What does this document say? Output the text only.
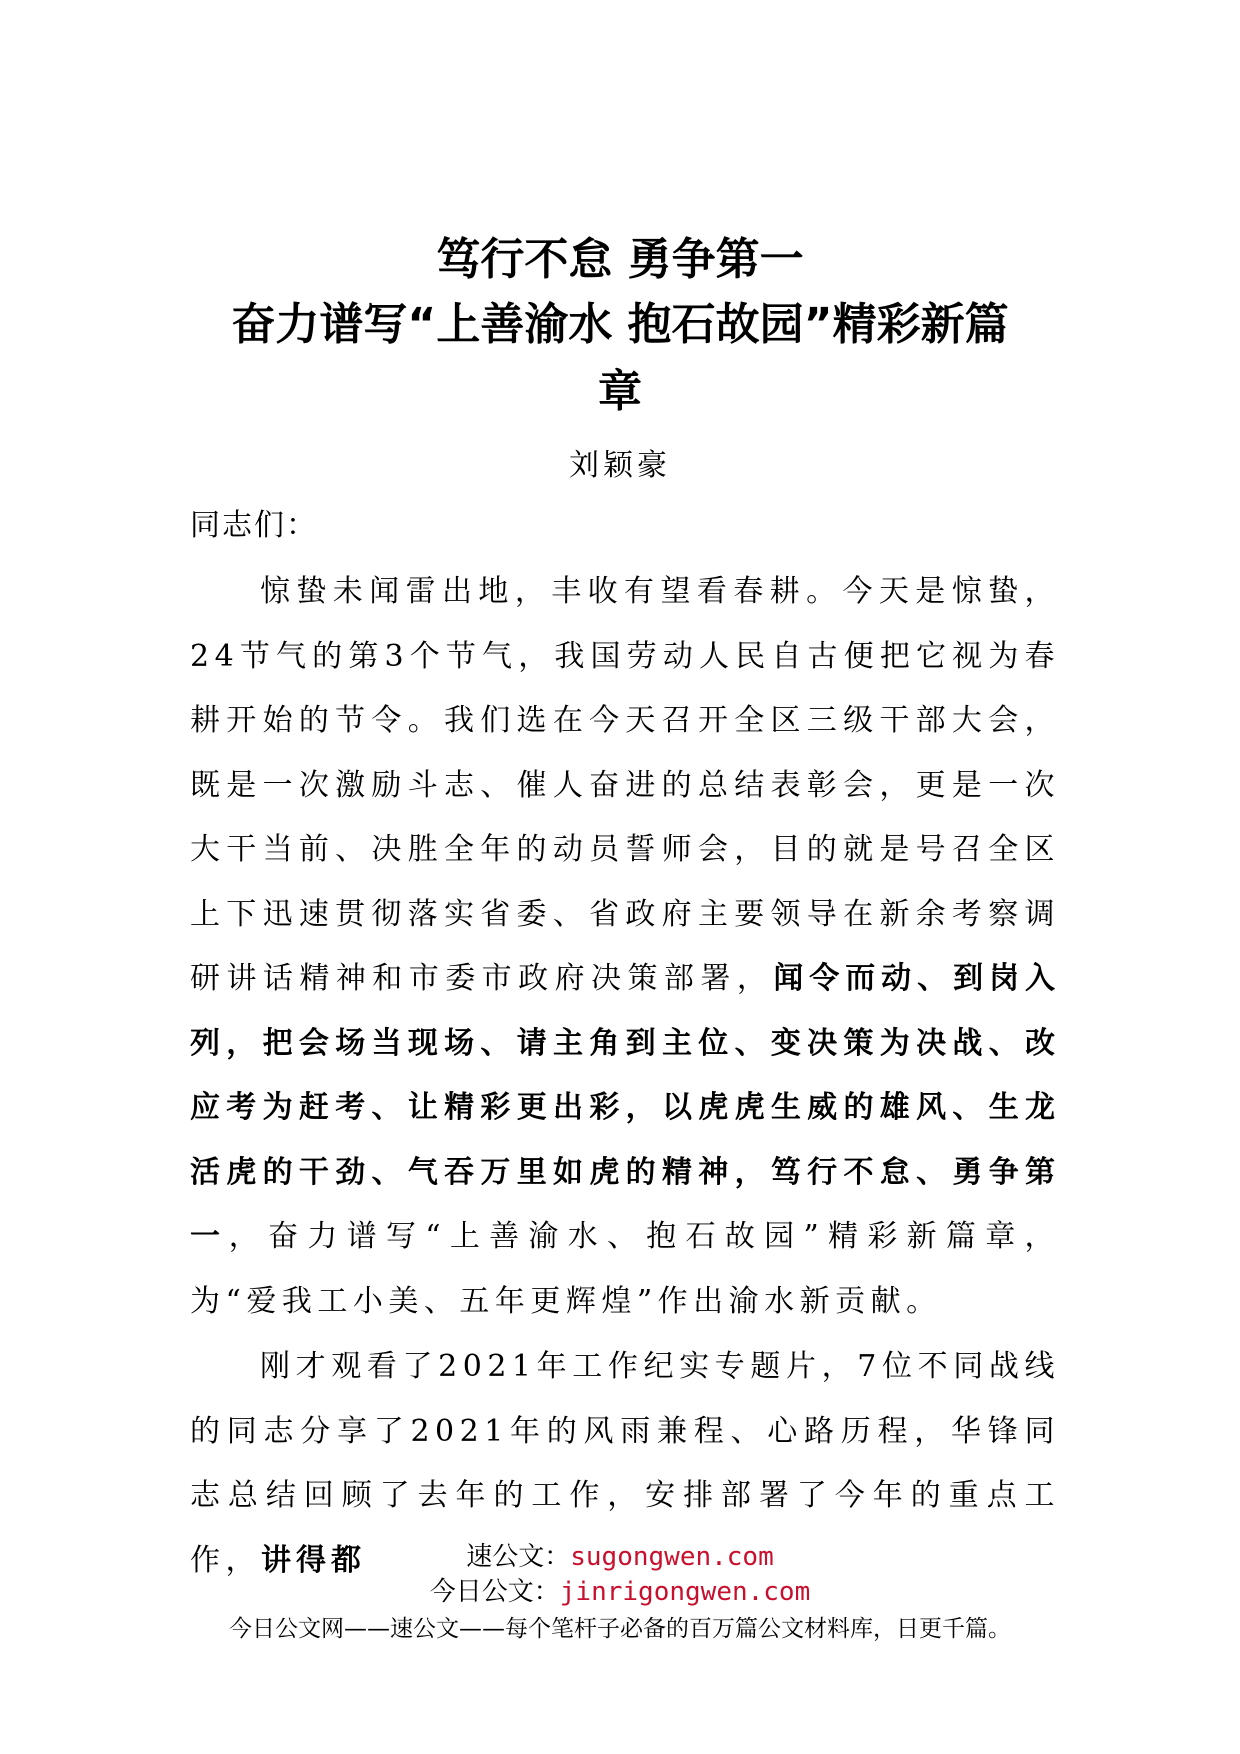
笃行不怠 勇争第一
奋力谱写“上善渝水 抱石故园”精彩新篇
章
刘颖豪
同志们：

惊蛰未闻雷出地，丰收有望看春耕。今天是惊蛰，24节气的第3个节气，我国劳动人民自古便把它视为春耕开始的节令。我们选在今天召开全区三级干部大会，既是一次激励斗志、催人奋进的总结表彰会，更是一次大干当前、决胜全年的动员誓师会，目的就是号召全区上下迅速贯彻落实省委、省政府主要领导在新余考察调研讲话精神和市委市政府决策部署，闻令而动、到岗入列，把会场当现场、请主角到主位、变决策为决战、改应考为赶考、让精彩更出彩，以虎虎生威的雄风、生龙活虎的干劲、气吞万里如虎的精神，笃行不怠、勇争第一，奋力谱写“上善渝水、抱石故园”精彩新篇章，为“爱我工小美、五年更辉煌”作出渝水新贡献。

刚才观看了2021年工作纪实专题片，7位不同战线的同志分享了2021年的风雨兼程、心路历程，华锋同志总结回顾了去年的工作，安排部署了今年的重点工作，讲得都	速公文：sugongwen.com
今日公文：jinrigongwen.com
今日公文网——速公文——每个笔杆子必备的百万篇公文材料库，日更千篇。
